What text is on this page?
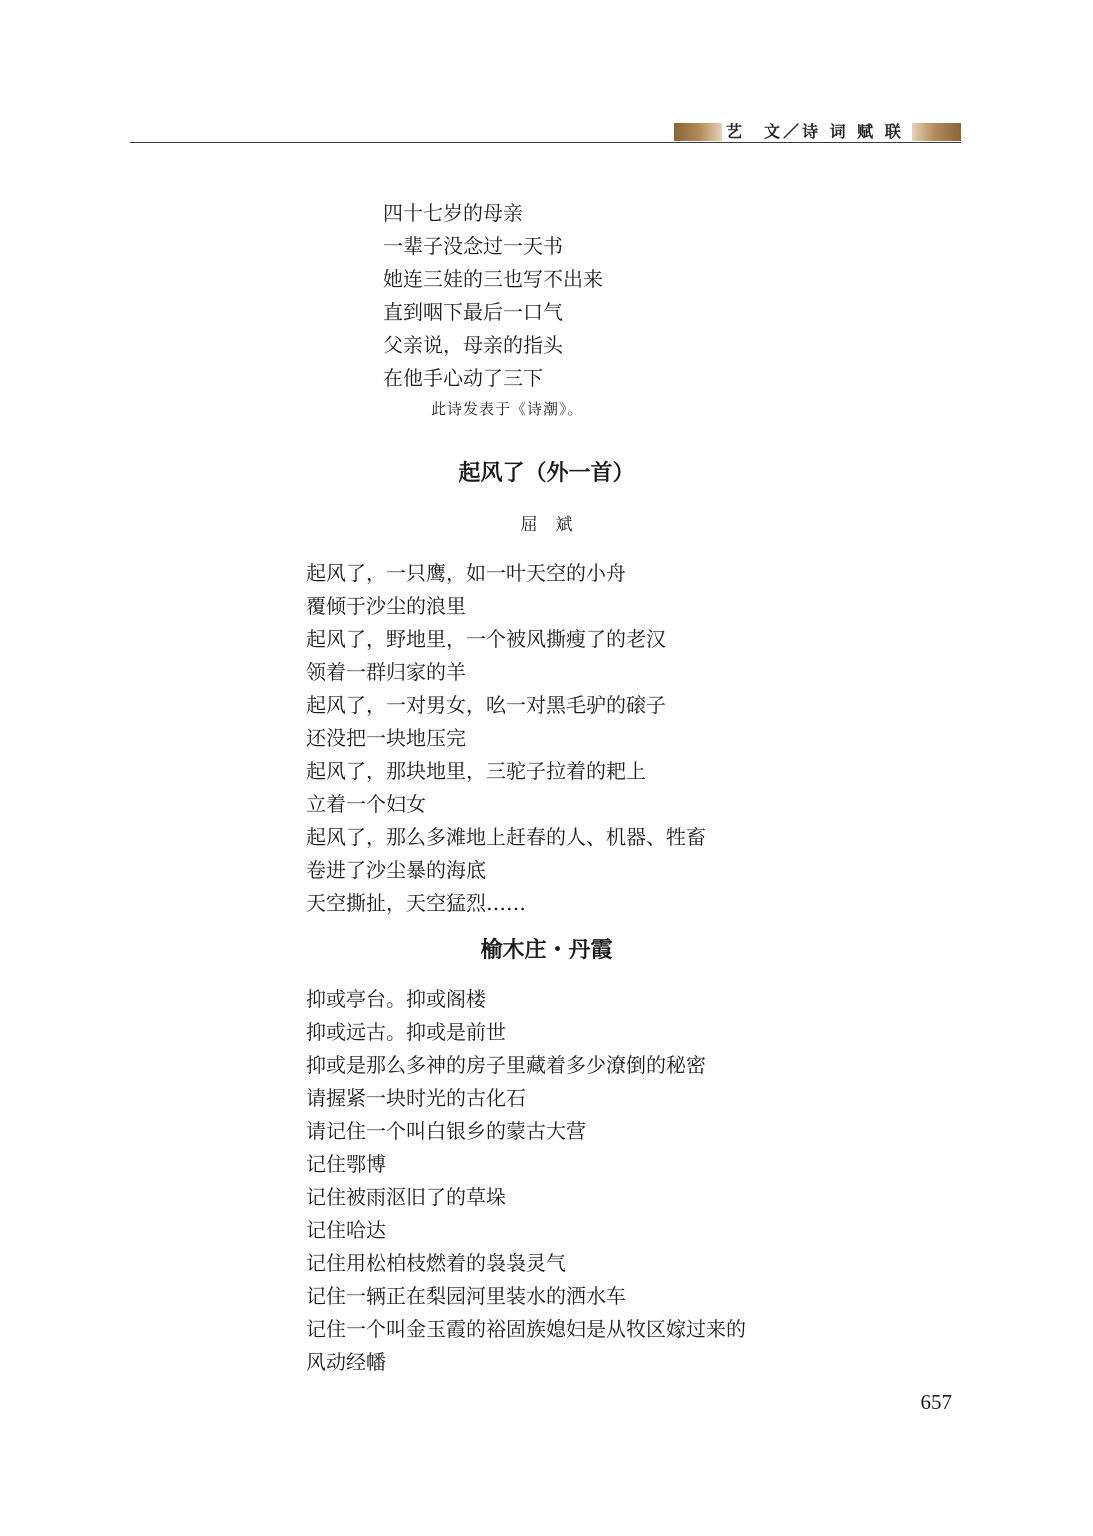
艺　文／诗 词 赋 联
四十七岁的母亲
一辈子没念过一天书
她连三娃的三也写不出来
直到咽下最后一口气
父亲说，母亲的指头
在他手心动了三下
此诗发表于《诗潮》。
起风了（外一首）
屈斌
起风了，一只鹰，如一叶天空的小舟
覆倾于沙尘的浪里
起风了，野地里，一个被风撕瘦了的老汉
领着一群归家的羊
起风了，一对男女，吆一对黑毛驴的磙子
还没把一块地压完
起风了，那块地里，三驼子拉着的耙上
立着一个妇女
起风了，那么多滩地上赶春的人、机器、牲畜
卷进了沙尘暴的海底
天空撕扯，天空猛烈……
榆木庄・丹霞
抑或亭台。抑或阁楼
抑或远古。抑或是前世
抑或是那么多神的房子里藏着多少潦倒的秘密
请握紧一块时光的古化石
请记住一个叫白银乡的蒙古大营
记住鄂博
记住被雨沤旧了的草垛
记住哈达
记住用松柏枝燃着的袅袅灵气
记住一辆正在梨园河里装水的洒水车
记住一个叫金玉霞的裕固族媳妇是从牧区嫁过来的
风动经幡
657
